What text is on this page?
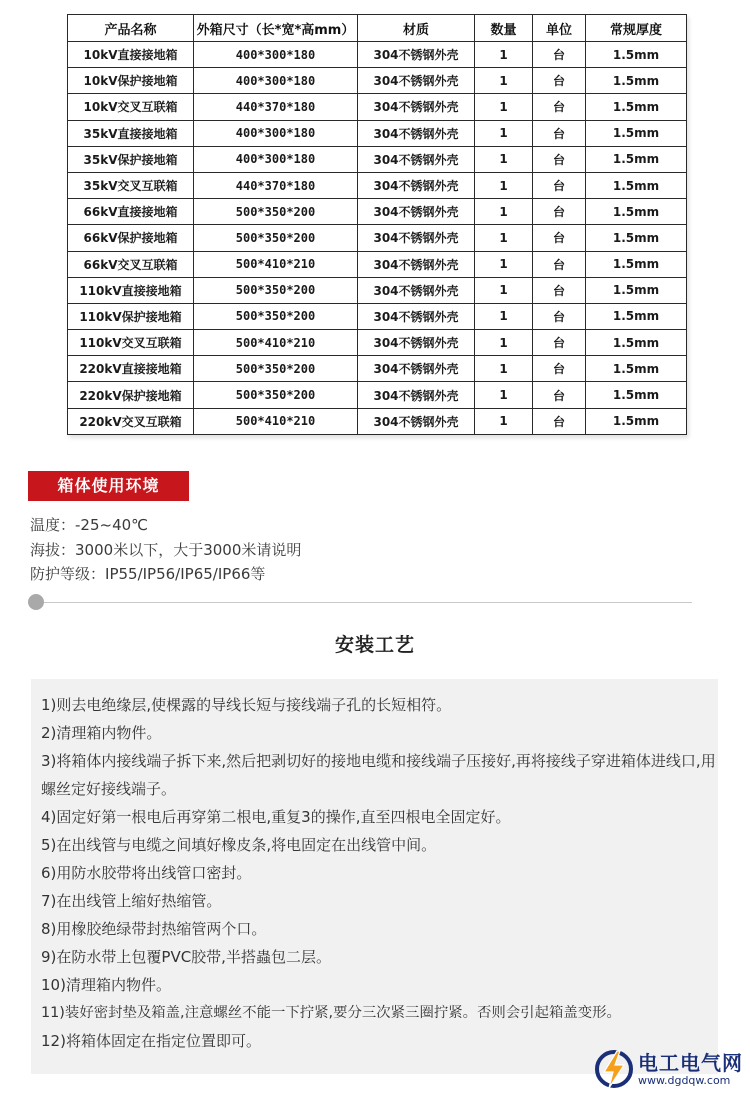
产品名称	外箱尺寸（长*宽*高mm）	材质	数量	单位	常规厚度
10kV直接接地箱	400*300*180	304不锈钢外壳	1	台	1.5mm
10kV保护接地箱	400*300*180	304不锈钢外壳	1	台	1.5mm
10kV交叉互联箱	440*370*180	304不锈钢外壳	1	台	1.5mm
35kV直接接地箱	400*300*180	304不锈钢外壳	1	台	1.5mm
35kV保护接地箱	400*300*180	304不锈钢外壳	1	台	1.5mm
35kV交叉互联箱	440*370*180	304不锈钢外壳	1	台	1.5mm
66kV直接接地箱	500*350*200	304不锈钢外壳	1	台	1.5mm
66kV保护接地箱	500*350*200	304不锈钢外壳	1	台	1.5mm
66kV交叉互联箱	500*410*210	304不锈钢外壳	1	台	1.5mm
110kV直接接地箱	500*350*200	304不锈钢外壳	1	台	1.5mm
110kV保护接地箱	500*350*200	304不锈钢外壳	1	台	1.5mm
110kV交叉互联箱	500*410*210	304不锈钢外壳	1	台	1.5mm
220kV直接接地箱	500*350*200	304不锈钢外壳	1	台	1.5mm
220kV保护接地箱	500*350*200	304不锈钢外壳	1	台	1.5mm
220kV交叉互联箱	500*410*210	304不锈钢外壳	1	台	1.5mm
箱体使用环境
温度：-25~40℃
海拔：3000米以下，大于3000米请说明
防护等级：IP55/IP56/IP65/IP66等
安装工艺
1)则去电绝缘层,使棵露的导线长短与接线端子孔的长短相符。
2)清理箱内物件。
3)将箱体内接线端子拆下来,然后把剥切好的接地电缆和接线端子压接好,再将接线子穿进箱体进线口,用螺丝定好接线端子。
4)固定好第一根电后再穿第二根电,重复3的操作,直至四根电全固定好。
5)在出线管与电缆之间填好橡皮条,将电固定在出线管中间。
6)用防水胶带将出线管口密封。
7)在出线管上缩好热缩管。
8)用橡胶绝绿带封热缩管两个口。
9)在防水带上包覆PVC胶带,半搭蟲包二层。
10)清理箱内物件。
11)装好密封垫及箱盖,注意螺丝不能一下拧紧,要分三次紧三圈拧紧。否则会引起箱盖变形。
12)将箱体固定在指定位置即可。
电工电气网
www.dgdqw.com
